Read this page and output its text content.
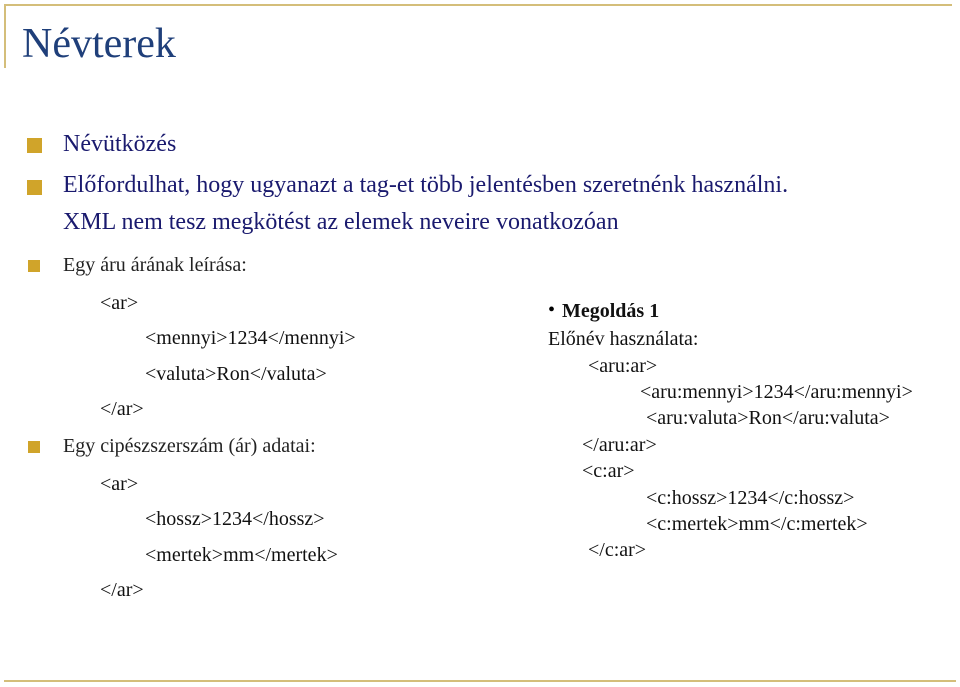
Névterek
Névütközés
Előfordulhat, hogy ugyanazt a tag-et több jelentésben szeretnénk használni.
XML nem tesz megkötést az elemek neveire vonatkozóan
Egy áru árának leírása:
<ar>
<mennyi>1234</mennyi>
<valuta>Ron</valuta>
</ar>
Egy cipészszerszám (ár) adatai:
<ar>
<hossz>1234</hossz>
<mertek>mm</mertek>
</ar>
• Megoldás 1
Előnév használata:
<aru:ar>
<aru:mennyi>1234</aru:mennyi>
<aru:valuta>Ron</aru:valuta>
</aru:ar>
<c:ar>
<c:hossz>1234</c:hossz>
<c:mertek>mm</c:mertek>
</c:ar>
